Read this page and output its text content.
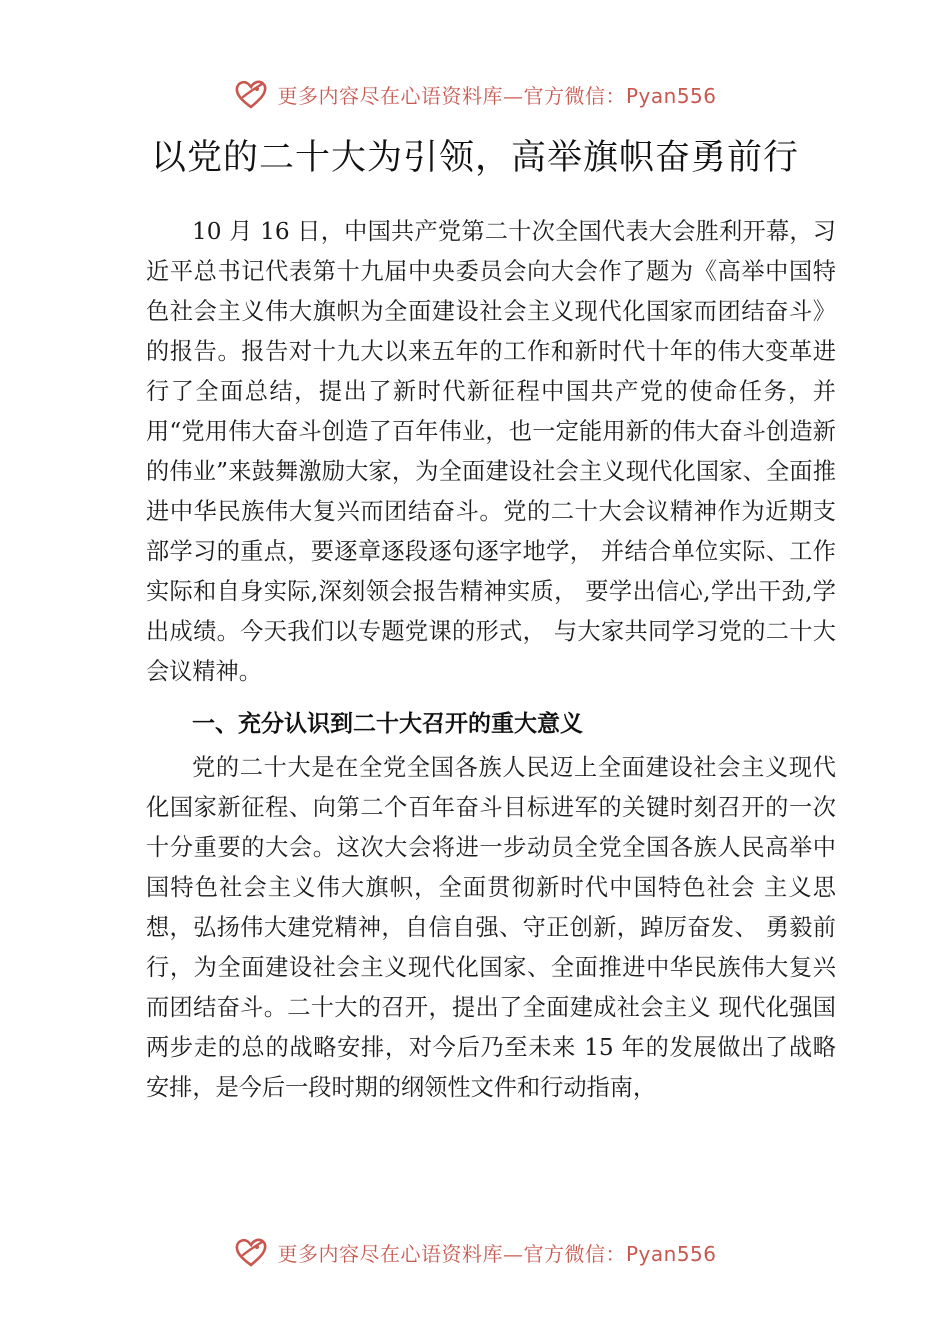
更多内容尽在心语资料库—官方微信：Pyan556
以党的二十大为引领，高举旗帜奋勇前行

10 月 16 日，中国共产党第二十次全国代表大会胜利开幕，习近平总书记代表第十九届中央委员会向大会作了题为《高举中国特色社会主义伟大旗帜为全面建设社会主义现代化国家而团结奋斗》的报告。报告对十九大以来五年的工作和新时代十年的伟大变革进行了全面总结，提出了新时代新征程中国共产党的使命任务，并用“党用伟大奋斗创造了百年伟业，也一定能用新的伟大奋斗创造新的伟业”来鼓舞激励大家，为全面建设社会主义现代化国家、全面推进中华民族伟大复兴而团结奋斗。党的二十大会议精神作为近期支部学习的重点，要逐章逐段逐句逐字地学， 并结合单位实际、工作实际和自身实际,深刻领会报告精神实质， 要学出信心,学出干劲,学出成绩。今天我们以专题党课的形式， 与大家共同学习党的二十大会议精神。

一、充分认识到二十大召开的重大意义

党的二十大是在全党全国各族人民迈上全面建设社会主义现代化国家新征程、向第二个百年奋斗目标进军的关键时刻召开的一次十分重要的大会。这次大会将进一步动员全党全国各族人民高举中国特色社会主义伟大旗帜，全面贯彻新时代中国特色社会 主义思想，弘扬伟大建党精神，自信自强、守正创新，踔厉奋发、 勇毅前行，为全面建设社会主义现代化国家、全面推进中华民族伟大复兴而团结奋斗。二十大的召开，提出了全面建成社会主义 现代化强国两步走的总的战略安排，对今后乃至未来 15 年的发展做出了战略安排，是今后一段时期的纲领性文件和行动指南，

更多内容尽在心语资料库—官方微信：Pyan556
